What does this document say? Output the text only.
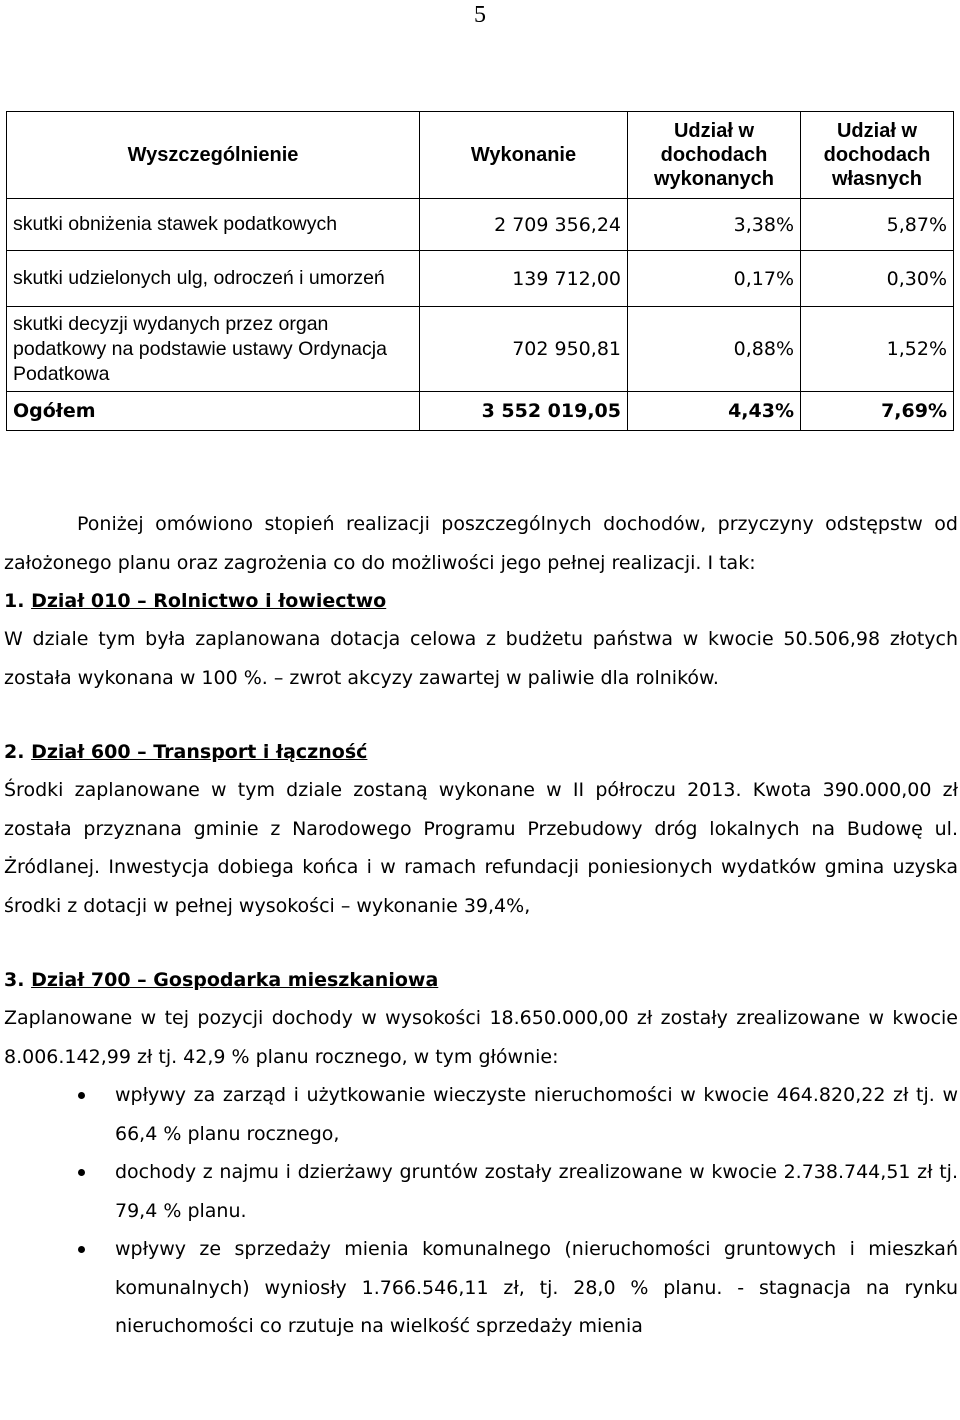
5
Wyszczególnienie	Wykonanie	Udział w dochodach wykonanych	Udział w dochodach własnych
skutki obniżenia stawek podatkowych	2 709 356,24	3,38%	5,87%
skutki udzielonych ulg, odroczeń i umorzeń	139 712,00	0,17%	0,30%
skutki decyzji wydanych przez organ podatkowy na podstawie ustawy Ordynacja Podatkowa	702 950,81	0,88%	1,52%
Ogółem	3 552 019,05	4,43%	7,69%

Poniżej omówiono stopień realizacji poszczególnych dochodów, przyczyny odstępstw od założonego planu oraz zagrożenia co do możliwości jego pełnej realizacji. I tak:

1. Dział 010 – Rolnictwo i łowiectwo

W dziale tym była zaplanowana dotacja celowa z budżetu państwa w kwocie 50.506,98 złotych została wykonana w 100 %. – zwrot akcyzy zawartej w paliwie dla rolników.

2. Dział 600 – Transport i łączność

Środki zaplanowane w tym dziale zostaną wykonane w II półroczu 2013. Kwota 390.000,00 zł została przyznana gminie z Narodowego Programu Przebudowy dróg lokalnych na Budowę ul. Żródlanej. Inwestycja dobiega końca i w ramach refundacji poniesionych wydatków gmina uzyska środki z dotacji w pełnej wysokości – wykonanie 39,4%,

3. Dział 700 – Gospodarka mieszkaniowa

Zaplanowane w tej pozycji dochody w wysokości 18.650.000,00 zł zostały zrealizowane w kwocie 8.006.142,99 zł tj. 42,9 % planu rocznego, w tym głównie:

wpływy za zarząd i użytkowanie wieczyste nieruchomości w kwocie 464.820,22 zł tj. w 66,4 % planu rocznego,
dochody z najmu i dzierżawy gruntów zostały zrealizowane w kwocie 2.738.744,51 zł tj. 79,4 % planu.
wpływy ze sprzedaży mienia komunalnego (nieruchomości gruntowych i mieszkań komunalnych) wyniosły 1.766.546,11 zł, tj. 28,0 % planu. - stagnacja na rynku nieruchomości co rzutuje na wielkość sprzedaży mienia
